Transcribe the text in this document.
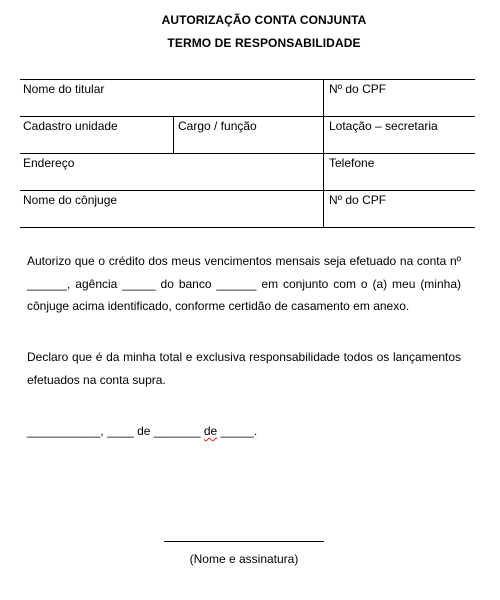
AUTORIZAÇÃO CONTA CONJUNTA
TERMO DE RESPONSABILIDADE
Nome do titular	Nº do CPF
Cadastro unidade	Cargo / função	Lotação – secretaria
Endereço	Telefone
Nome do cônjuge	Nº do CPF
Autorizo que o crédito dos meus vencimentos mensais seja efetuado na conta nº
______, agência _____ do banco ______ em conjunto com o (a) meu (minha)
cônjuge acima identificado, conforme certidão de casamento em anexo.
Declaro que é da minha total e exclusiva responsabilidade todos os lançamentos
efetuados na conta supra.
___________, ____ de _______ de _____.
(Nome e assinatura)
